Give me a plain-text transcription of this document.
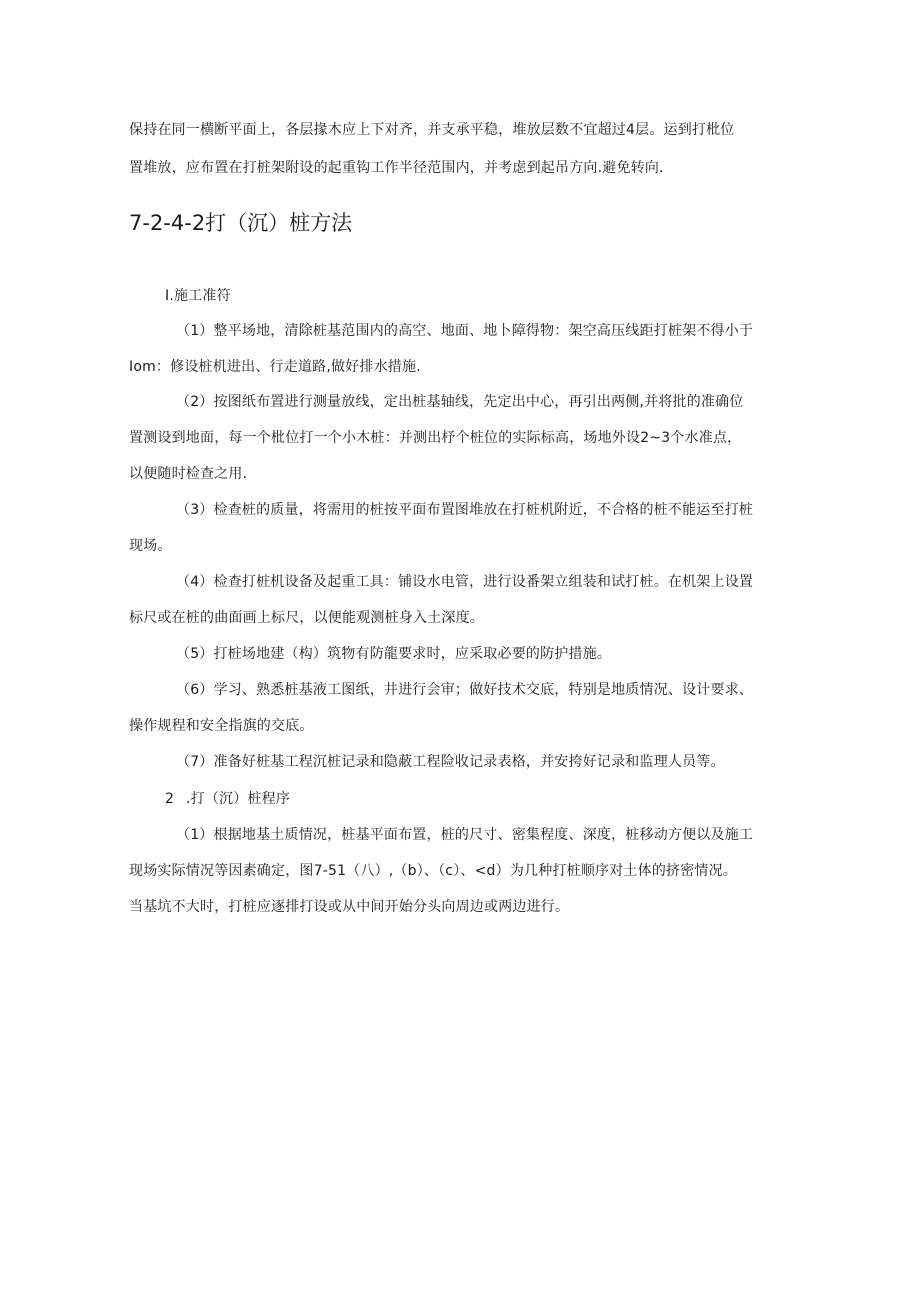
保持在同一横断平面上，各层掾木应上下对齐，并支承平稳，堆放层数不宜超过4层。运到打枇位
置堆放，应布置在打桩架附设的起重钩工作半径范围内，并考虑到起吊方向.避免转向.
7-2-4-2打（沉）桩方法
I.施工准符
（1）整平场地，清除桩基范围内的高空、地面、地卜障得物：架空高压线距打桩架不得小于
Iom：修设桩机进出、行走道路,做好排水措施.
（2）按图纸布置进行测量放线，定出桩基轴线，先定出中心，再引出两侧,并将批的准确位
置测设到地面，每一个枇位打一个小木桩：并测出杼个桩位的实际标高，场地外设2~3个水准点，
以便随时检查之用.
（3）检查桩的质量，将需用的桩按平面布置图堆放在打桩机附近，不合格的桩不能运至打桩
现场。
（4）检查打桩机设备及起重工具：铺设水电管，进行设番架立组装和试打桩。在机架上设置
标尺或在桩的曲面画上标尺，以便能观测桩身入土深度。
（5）打桩场地建（构）筑物有防龍要求时，应采取必要的防护措施。
（6）学习、熟悉桩基液工图纸，井进行会审；做好技术交底，特别是地质情况、设计要求、
操作规程和安全指旗的交底。
（7）准备好桩基工程沉桩记录和隐蔽工程险收记录表格，并安挎好记录和监理人员等。
2 .打（沉）桩程序
（1）根据地基土质情况，桩基平面布置，桩的尺寸、密集程度、深度，桩移动方便以及施工
现场实际情况等因素确定，图7-51（八）,（b）、（c）、<d）为几种打桩顺序对土体的挤密情况。
当基坑不大时，打桩应逐排打设或从中间开始分头向周边或两边进行。
